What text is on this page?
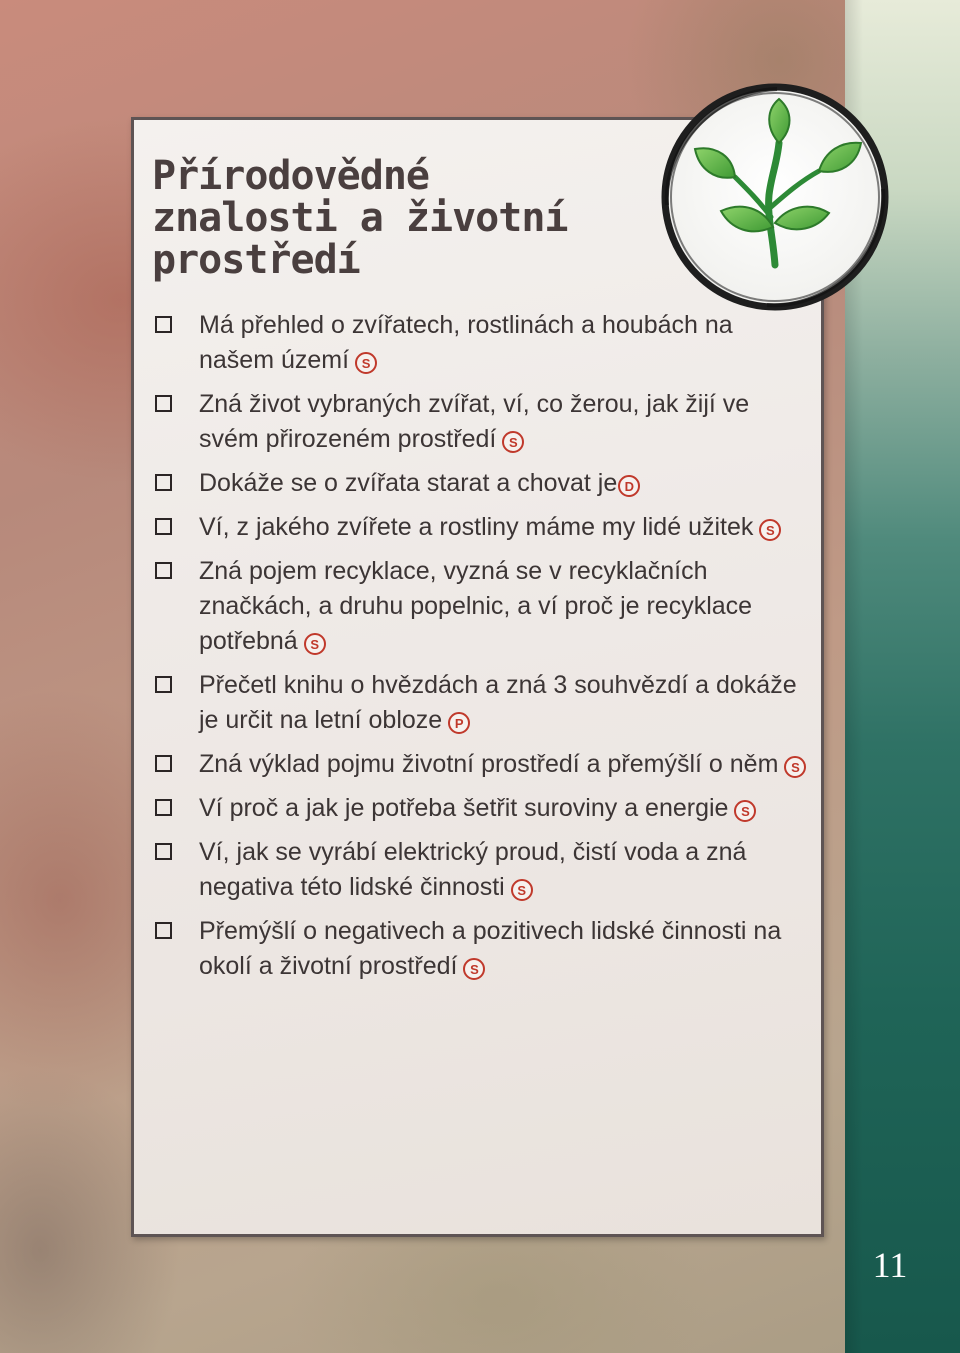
11
Přírodovědné
znalosti a životní
prostředí
Má přehled o zvířatech, rostlinách a houbách na našem území S
Zná život vybraných zvířat, ví, co žerou, jak žijí ve svém přirozeném prostředí S
Dokáže se o zvířata starat a chovat je D
Ví, z jakého zvířete a rostliny máme my lidé užitek S
Zná pojem recyklace, vyzná se v recyklačních značkách, a druhu popelnic, a ví proč je recyklace potřebná S
Přečetl knihu o hvězdách a zná 3 souhvězdí a dokáže je určit na letní obloze P
Zná výklad pojmu životní prostředí a přemýšlí o něm S
Ví proč a jak je potřeba šetřit suroviny a energie S
Ví, jak se vyrábí elektrický proud, čistí voda a zná negativa této lidské činnosti S
Přemýšlí o negativech a pozitivech lidské činnosti na okolí a životní prostředí S
